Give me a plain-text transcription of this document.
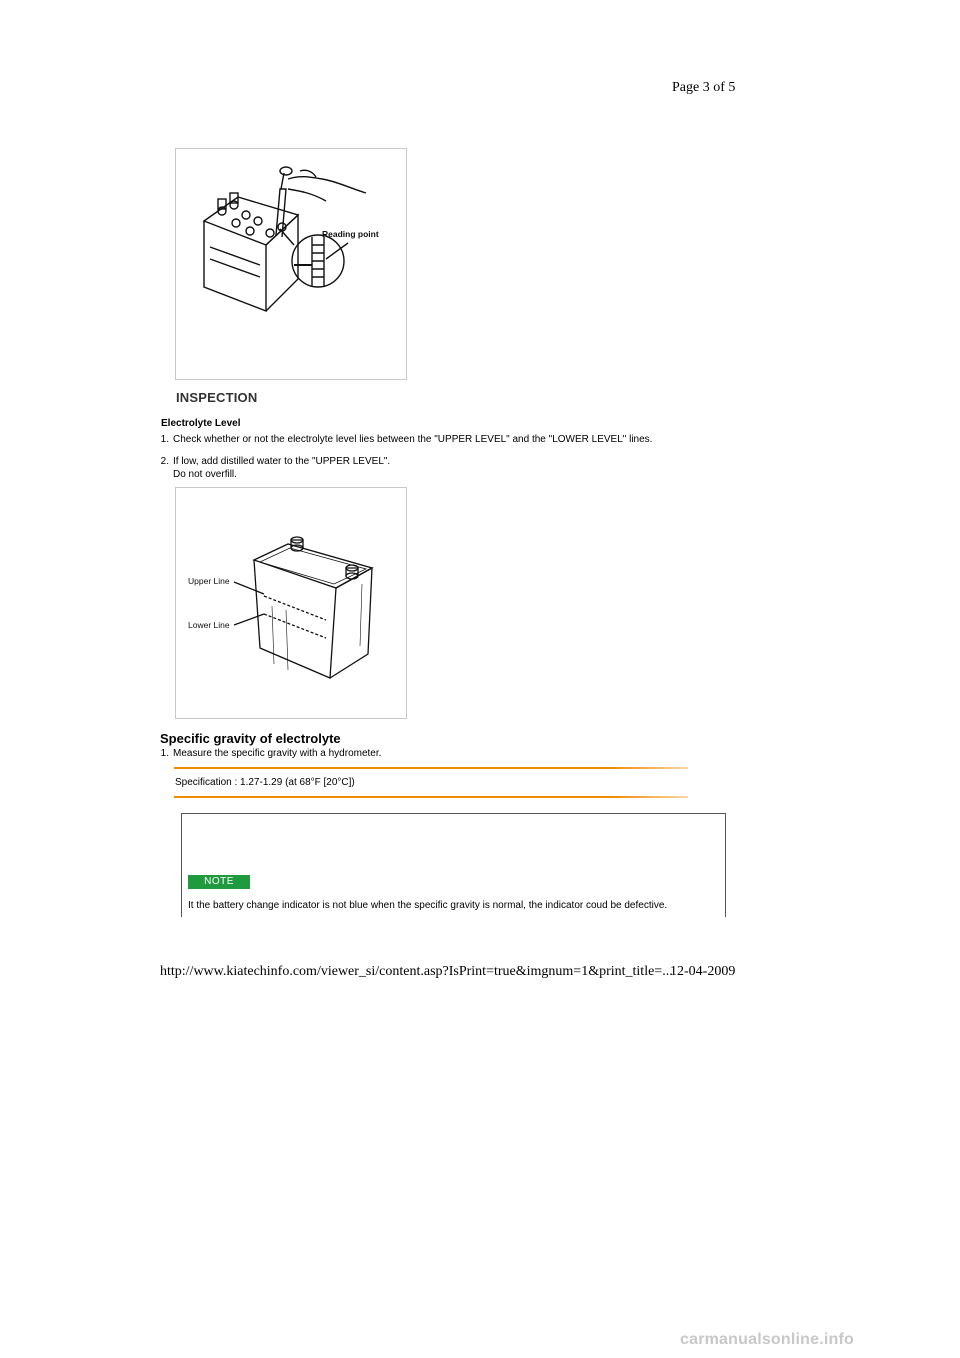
Page 3 of 5
Reading point
INSPECTION
Electrolyte Level
1. Check whether or not the electrolyte level lies between the "UPPER LEVEL" and the "LOWER LEVEL" lines.
2. If low, add distilled water to the "UPPER LEVEL".
Do not overfill.
Upper Line
Lower Line
Specific gravity of electrolyte
1. Measure the specific gravity with a hydrometer.
Specification : 1.27-1.29 (at 68°F [20°C])
NOTE
It the battery change indicator is not blue when the specific gravity is normal, the indicator coud be defective.
http://www.kiatechinfo.com/viewer_si/content.asp?IsPrint=true&imgnum=1&print_title=...
12-04-2009
carmanualsonline.info
